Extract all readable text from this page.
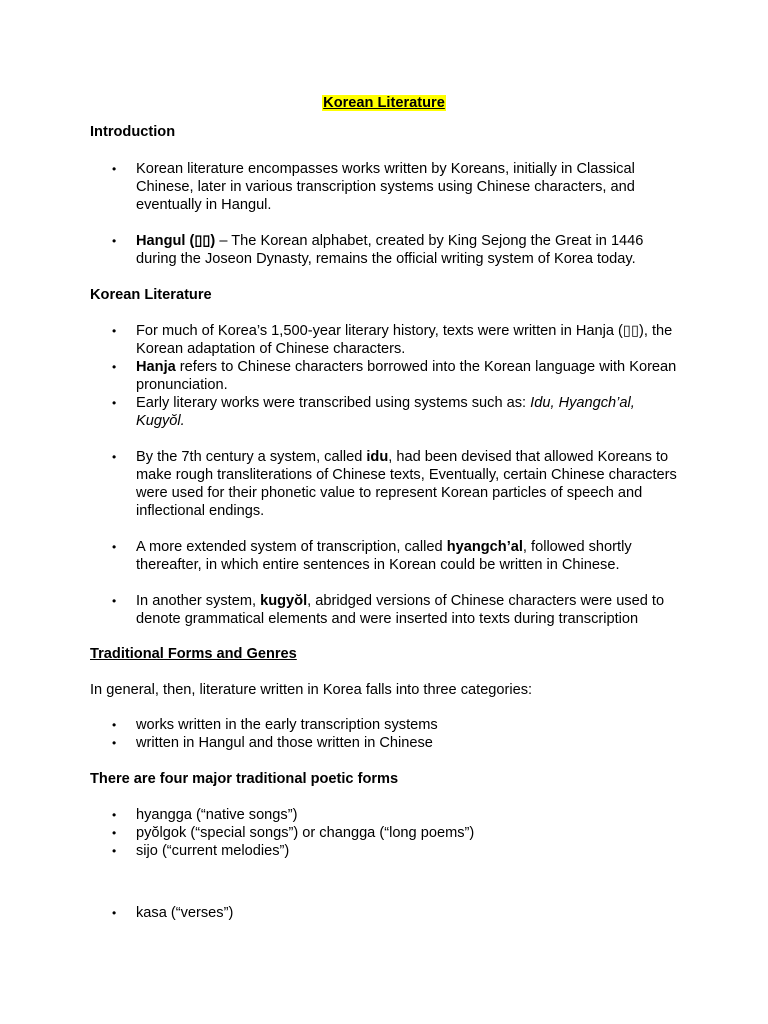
Korean Literature
Introduction
• Korean literature encompasses works written by Koreans, initially in Classical Chinese, later in various transcription systems using Chinese characters, and eventually in Hangul.
• Hangul (▯▯) – The Korean alphabet, created by King Sejong the Great in 1446 during the Joseon Dynasty, remains the official writing system of Korea today.
Korean Literature
• For much of Korea’s 1,500-year literary history, texts were written in Hanja (▯▯), the Korean adaptation of Chinese characters.
• Hanja refers to Chinese characters borrowed into the Korean language with Korean pronunciation.
• Early literary works were transcribed using systems such as: Idu, Hyangch’al, Kugyŏl.
• By the 7th century a system, called idu, had been devised that allowed Koreans to make rough transliterations of Chinese texts, Eventually, certain Chinese characters were used for their phonetic value to represent Korean particles of speech and inflectional endings.
• A more extended system of transcription, called hyangch’al, followed shortly thereafter, in which entire sentences in Korean could be written in Chinese.
• In another system, kugyŏl, abridged versions of Chinese characters were used to denote grammatical elements and were inserted into texts during transcription
Traditional Forms and Genres
In general, then, literature written in Korea falls into three categories:
• works written in the early transcription systems
• written in Hangul and those written in Chinese
There are four major traditional poetic forms
• hyangga (“native songs”)
• pyŏlgok (“special songs”) or changga (“long poems”)
• sijo (“current melodies”)
• kasa (“verses”)
